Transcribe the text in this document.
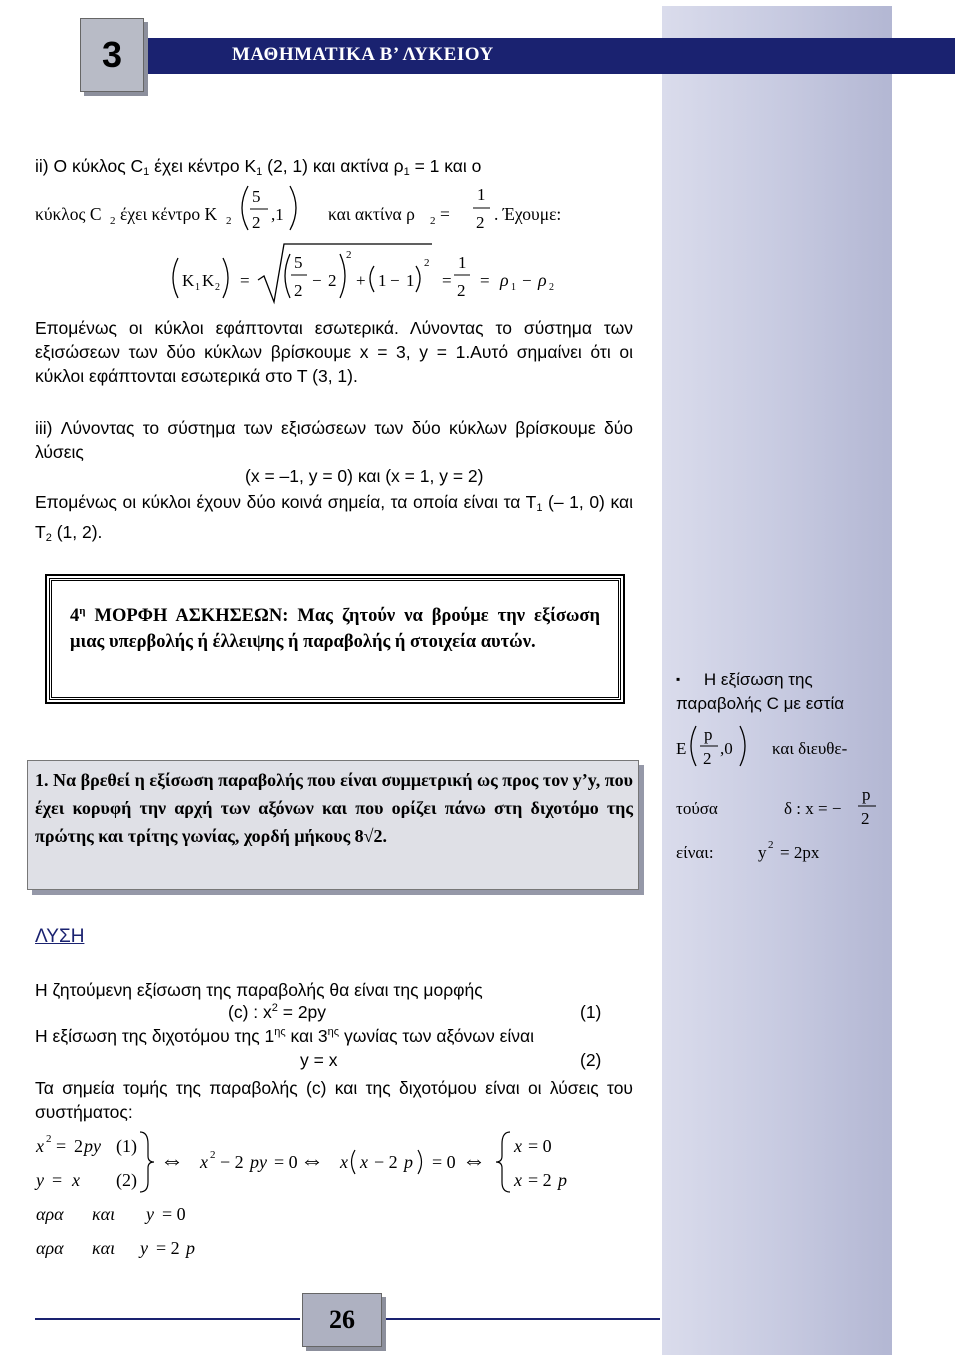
3	ΜΑΘΗΜΑΤΙΚΑ Β’ ΛΥΚΕΙΟΥ
ii) Ο κύκλος $C_1$ έχει κέντρο $K_1$ (2, 1) και ακτίνα $\rho_1 = 1$ και ο
κύκλος C 2 έχει κέντρο Κ 2
5
2 ,1	και ακτίνα ρ 2 =
1
2 . Έχουμε:
Κ 1 Κ 2 =
5
2
− 2
2
+ 1 − 1
2
=
1
2
= ρ 1 − ρ 2
Επομένως οι κύκλοι εφάπτονται εσωτερικά. Λύνοντας το σύστημα των εξισώσεων των δύο κύκλων βρίσκουμε x = 3, y = 1.Αυτό σημαίνει ότι οι κύκλοι εφάπτονται εσωτερικά στο Τ (3, 1).
iii) Λύνοντας το σύστημα των εξισώσεων των δύο κύκλων βρίσκουμε δύο λύσεις
(x = –1, y = 0) και (x = 1, y = 2)
Επομένως οι κύκλοι έχουν δύο κοινά σημεία, τα οποία είναι τα $T_1$ (– 1, 0) και $T_2$ (1, 2).
$4^\eta$ ΜΟΡΦΗ ΑΣΚΗΣΕΩΝ: Μας ζητούν να βρούμε την εξίσωση μιας υπερβολής ή έλλειψης ή παραβολής ή στοιχεία αυτών.
▪ Η εξίσωση της
παραβολής C με εστία
Ε
p
2
,0 και διευθε-
τούσα	δ : x = −
p
2
είναι:	y 2 = 2px
1. Να βρεθεί η εξίσωση παραβολής που είναι συμμετρική ως προς τον y’y, που έχει κορυφή την αρχή των αξόνων και που ορίζει πάνω στη διχοτόμο της πρώτης και τρίτης γωνίας, χορδή μήκους 8√2.
ΛΥΣΗ
Η ζητούμενη εξίσωση της παραβολής θα είναι της μορφής
(c) : $x^2 = 2py$	(1)
Η εξίσωση της διχοτόμου της $1^{\eta\varsigma}$ και $3^{\eta\varsigma}$ γωνίας των αξόνων είναι
y = x	(2)
Τα σημεία τομής της παραβολής (c) και της διχοτόμου είναι οι λύσεις του συστήματος:
x 2 = 2 py (1)
y = x (2)
⇔ x 2 − 2 py = 0 ⇔ x x − 2 p = 0 ⇔
x = 0
x = 2 p
αρα και y = 0
αρα και y = 2 p
26
